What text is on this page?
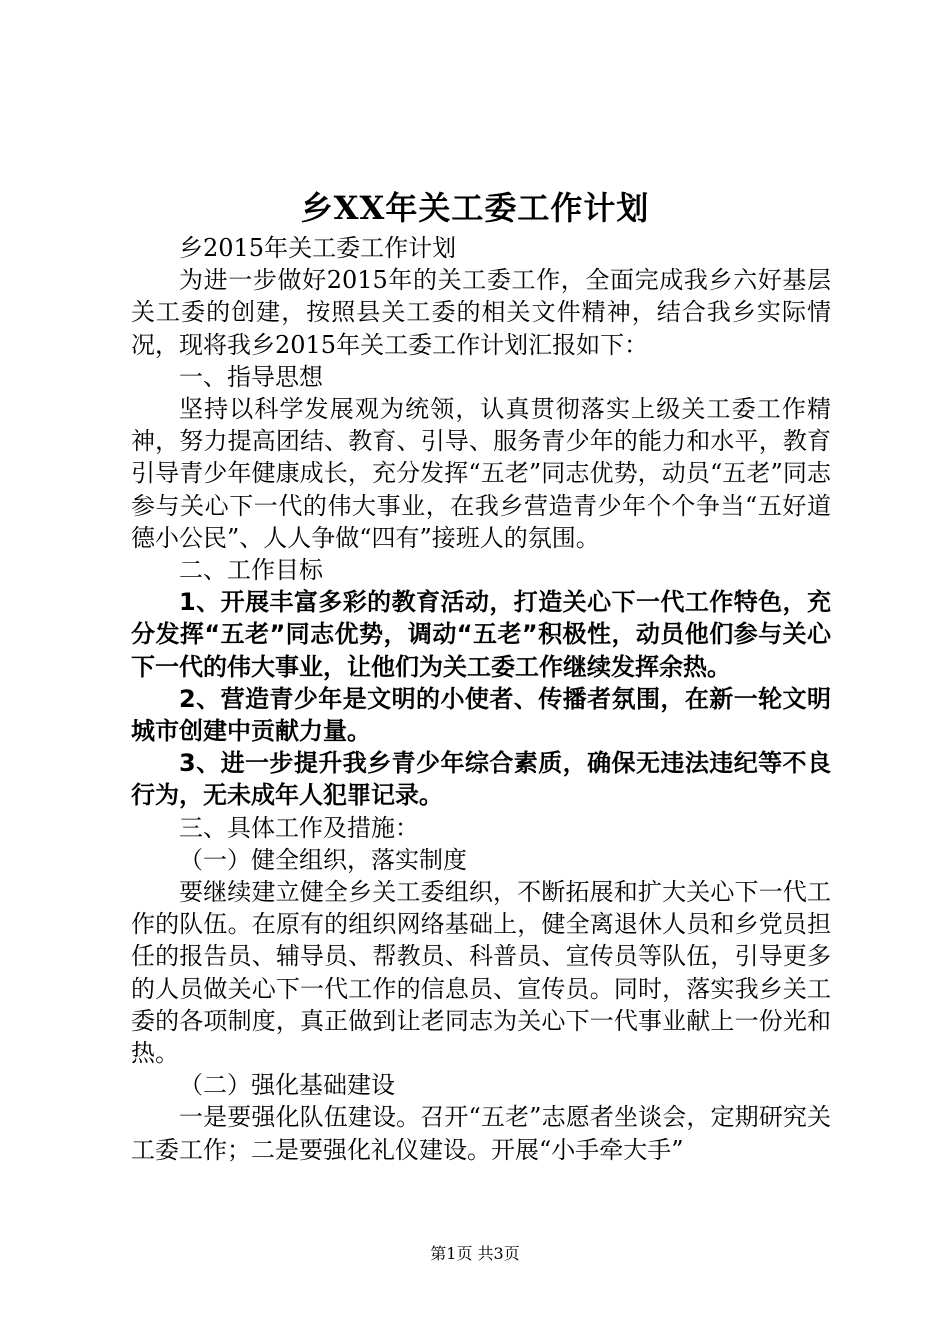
乡XX年关工委工作计划

乡2015年关工委工作计划

为进一步做好2015年的关工委工作，全面完成我乡六好基层关工委的创建，按照县关工委的相关文件精神，结合我乡实际情况，现将我乡2015年关工委工作计划汇报如下：

一、指导思想

坚持以科学发展观为统领，认真贯彻落实上级关工委工作精神，努力提高团结、教育、引导、服务青少年的能力和水平，教育引导青少年健康成长，充分发挥“五老”同志优势，动员“五老”同志参与关心下一代的伟大事业，在我乡营造青少年个个争当“五好道德小公民”、人人争做“四有”接班人的氛围。

二、工作目标

1、开展丰富多彩的教育活动，打造关心下一代工作特色，充分发挥“五老”同志优势，调动“五老”积极性，动员他们参与关心下一代的伟大事业，让他们为关工委工作继续发挥余热。

2、营造青少年是文明的小使者、传播者氛围，在新一轮文明城市创建中贡献力量。

3、进一步提升我乡青少年综合素质，确保无违法违纪等不良行为，无未成年人犯罪记录。

三、具体工作及措施：

（一）健全组织，落实制度

要继续建立健全乡关工委组织，不断拓展和扩大关心下一代工作的队伍。在原有的组织网络基础上，健全离退休人员和乡党员担任的报告员、辅导员、帮教员、科普员、宣传员等队伍，引导更多的人员做关心下一代工作的信息员、宣传员。同时，落实我乡关工委的各项制度，真正做到让老同志为关心下一代事业献上一份光和热。

（二）强化基础建设

一是要强化队伍建设。召开“五老”志愿者坐谈会，定期研究关工委工作；二是要强化礼仪建设。开展“小手牵大手”

第1页 共3页
